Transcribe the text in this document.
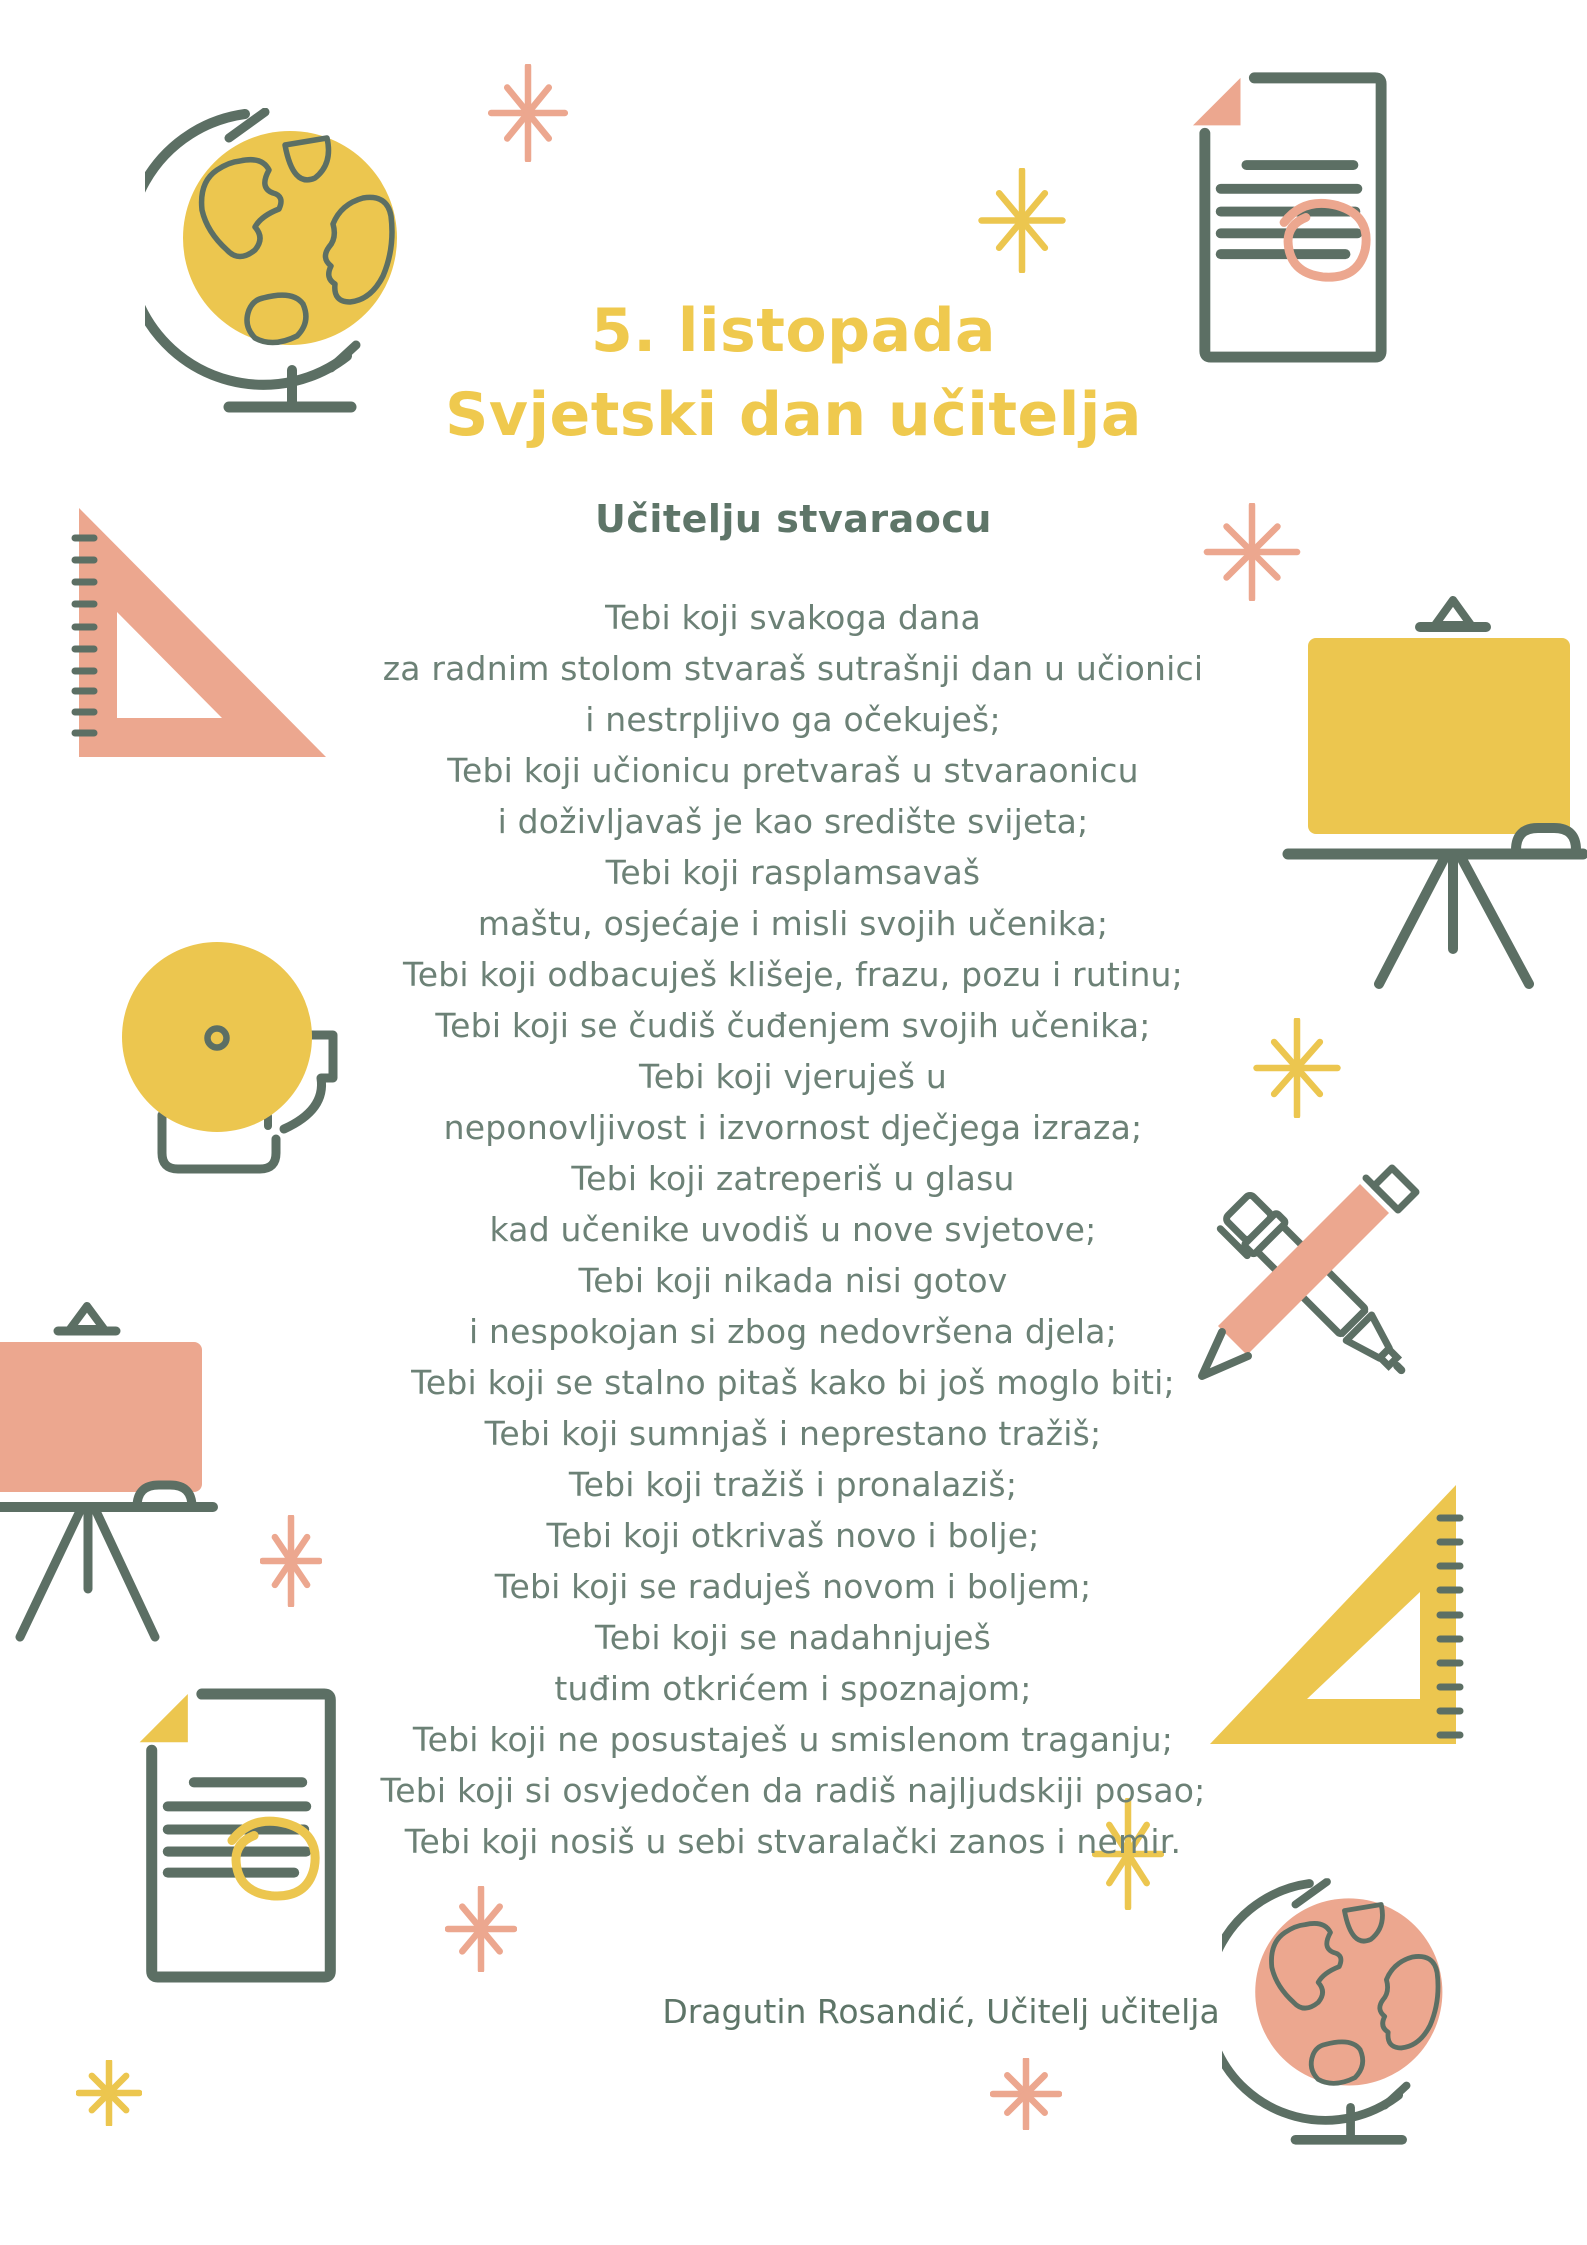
5. listopada
Svjetski dan učitelja
Učitelju stvaraocu
Tebi koji svakoga dana
za radnim stolom stvaraš sutrašnji dan u učionici
i nestrpljivo ga očekuješ;
Tebi koji učionicu pretvaraš u stvaraonicu
i doživljavaš je kao središte svijeta;
Tebi koji rasplamsavaš
maštu, osjećaje i misli svojih učenika;
Tebi koji odbacuješ klišeje, frazu, pozu i rutinu;
Tebi koji se čudiš čuđenjem svojih učenika;
Tebi koji vjeruješ u
neponovljivost i izvornost dječjega izraza;
Tebi koji zatreperiš u glasu
kad učenike uvodiš u nove svjetove;
Tebi koji nikada nisi gotov
i nespokojan si zbog nedovršena djela;
Tebi koji se stalno pitaš kako bi još moglo biti;
Tebi koji sumnjaš i neprestano tražiš;
Tebi koji tražiš i pronalaziš;
Tebi koji otkrivaš novo i bolje;
Tebi koji se raduješ novom i boljem;
Tebi koji se nadahnjuješ
tuđim otkrićem i spoznajom;
Tebi koji ne posustaješ u smislenom traganju;
Tebi koji si osvjedočen da radiš najljudskiji posao;
Tebi koji nosiš u sebi stvaralački zanos i nemir.
Dragutin Rosandić, Učitelj učitelja
